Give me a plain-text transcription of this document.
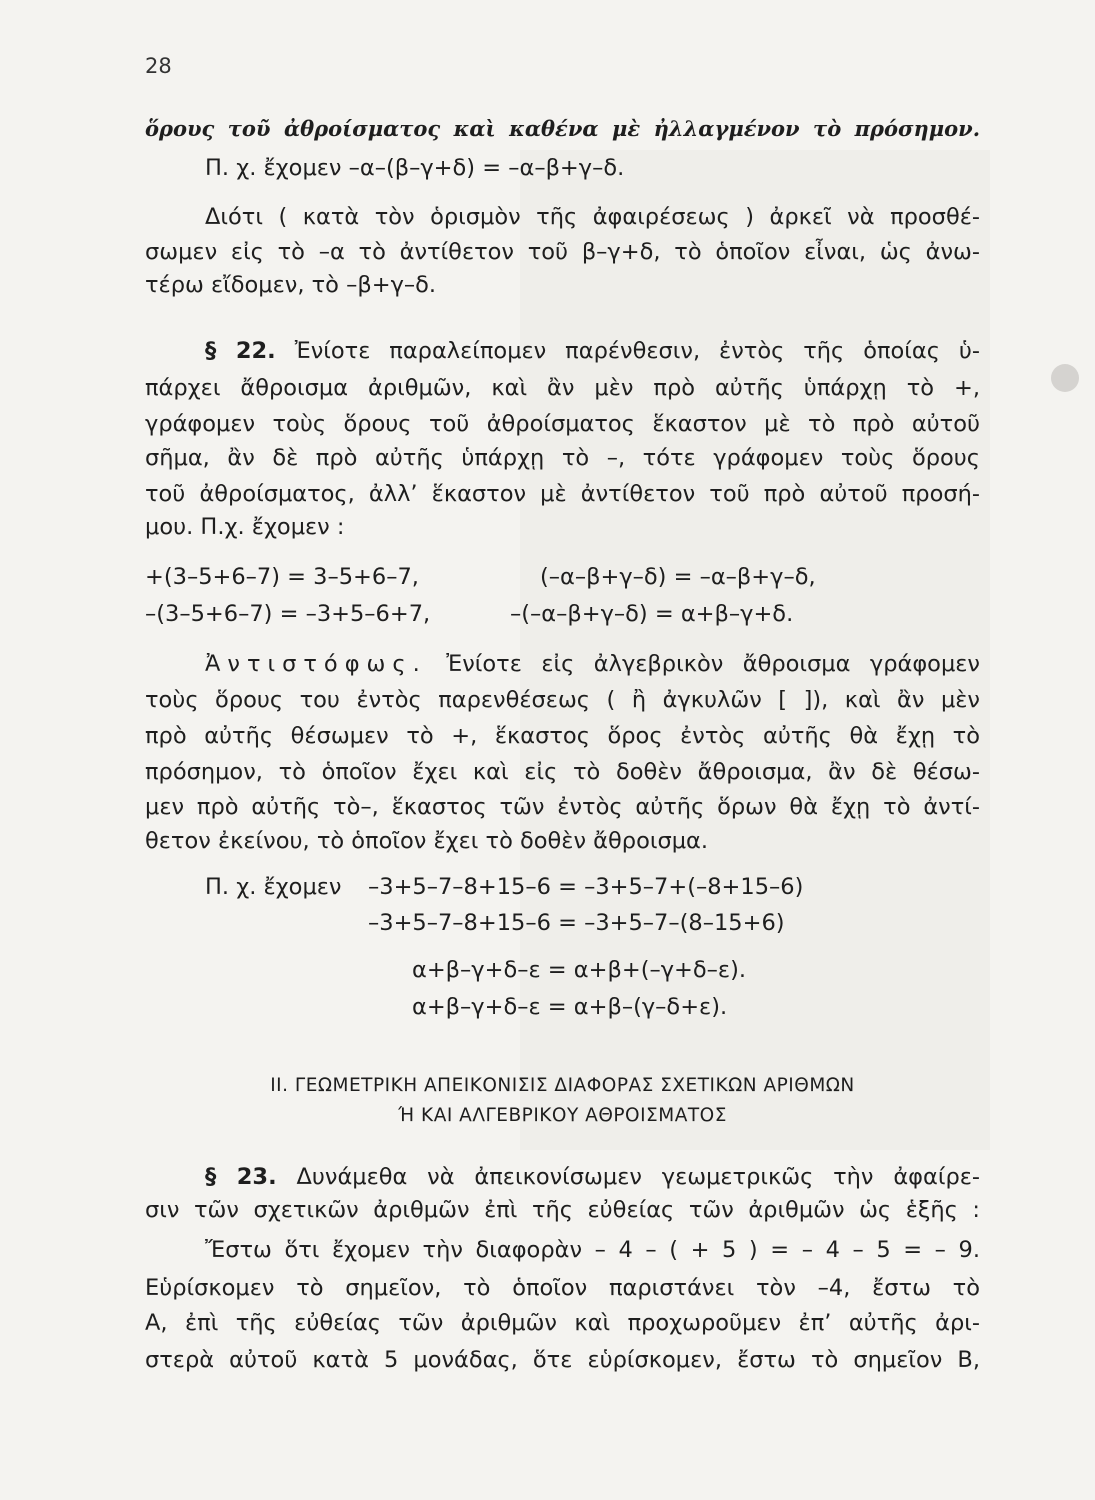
28
ὅρους τοῦ ἀθροίσματος καὶ καθένα μὲ ἠλλαγμένον τὸ πρόσημον.
Π. χ. ἔχομεν –α–(β–γ+δ) = –α–β+γ–δ.
Διότι ( κατὰ τὸν ὁρισμὸν τῆς ἀφαιρέσεως ) ἀρκεῖ νὰ προσθέ-
σωμεν εἰς τὸ –α τὸ ἀντίθετον τοῦ β–γ+δ, τὸ ὁποῖον εἶναι, ὡς ἀνω-
τέρω εἴδομεν, τὸ –β+γ–δ.
§ 22. Ἐνίοτε παραλείπομεν παρένθεσιν, ἐντὸς τῆς ὁποίας ὑ-
πάρχει ἄθροισμα ἀριθμῶν, καὶ ἂν μὲν πρὸ αὐτῆς ὑπάρχῃ τὸ +,
γράφομεν τοὺς ὅρους τοῦ ἀθροίσματος ἕκαστον μὲ τὸ πρὸ αὐτοῦ
σῆμα, ἂν δὲ πρὸ αὐτῆς ὑπάρχῃ τὸ –, τότε γράφομεν τοὺς ὅρους
τοῦ ἀθροίσματος, ἀλλ’ ἕκαστον μὲ ἀντίθετον τοῦ πρὸ αὐτοῦ προσή-
μου. Π.χ. ἔχομεν :
+(3–5+6–7) = 3–5+6–7,	(–α–β+γ–δ) = –α–β+γ–δ,
–(3–5+6–7) = –3+5–6+7,	–(–α–β+γ–δ) = α+β–γ+δ.
Ἀντιστόφως. Ἐνίοτε εἰς ἀλγεβρικὸν ἄθροισμα γράφομεν
τοὺς ὅρους του ἐντὸς παρενθέσεως ( ἢ ἀγκυλῶν [ ]), καὶ ἂν μὲν
πρὸ αὐτῆς θέσωμεν τὸ +, ἕκαστος ὅρος ἐντὸς αὐτῆς θὰ ἔχῃ τὸ
πρόσημον, τὸ ὁποῖον ἔχει καὶ εἰς τὸ δοθὲν ἄθροισμα, ἂν δὲ θέσω-
μεν πρὸ αὐτῆς τὸ–, ἕκαστος τῶν ἐντὸς αὐτῆς ὅρων θὰ ἔχῃ τὸ ἀντί-
θετον ἐκείνου, τὸ ὁποῖον ἔχει τὸ δοθὲν ἄθροισμα.
Π. χ. ἔχομεν –3+5–7–8+15–6 = –3+5–7+(–8+15–6)
–3+5–7–8+15–6 = –3+5–7–(8–15+6)
α+β–γ+δ–ε = α+β+(–γ+δ–ε).
α+β–γ+δ–ε = α+β–(γ–δ+ε).
II. ΓΕΩΜΕΤΡΙΚΗ ΑΠΕΙΚΟΝΙΣΙΣ ΔΙΑΦΟΡΑΣ ΣΧΕΤΙΚΩΝ ΑΡΙΘΜΩΝ
Ή ΚΑΙ ΑΛΓΕΒΡΙΚΟΥ ΑΘΡΟΙΣΜΑΤΟΣ
§ 23. Δυνάμεθα νὰ ἀπεικονίσωμεν γεωμετρικῶς τὴν ἀφαίρε-
σιν τῶν σχετικῶν ἀριθμῶν ἐπὶ τῆς εὐθείας τῶν ἀριθμῶν ὡς ἑξῆς :
Ἔστω ὅτι ἔχομεν τὴν διαφορὰν – 4 – ( + 5 ) = – 4 – 5 = – 9.
Εὑρίσκομεν τὸ σημεῖον, τὸ ὁποῖον παριστάνει τὸν –4, ἔστω τὸ
Α, ἐπὶ τῆς εὐθείας τῶν ἀριθμῶν καὶ προχωροῦμεν ἐπ’ αὐτῆς ἀρι-
στερὰ αὐτοῦ κατὰ 5 μονάδας, ὅτε εὑρίσκομεν, ἔστω τὸ σημεῖον Β,
